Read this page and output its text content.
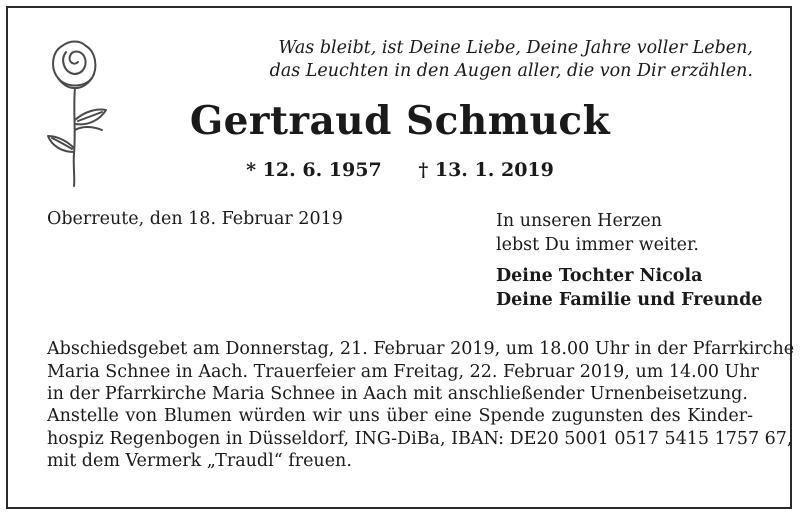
Was bleibt, ist Deine Liebe, Deine Jahre voller Leben,
das Leuchten in den Augen aller, die von Dir erzählen.
Gertraud Schmuck
* 12. 6. 1957 † 13. 1. 2019
Oberreute, den 18. Februar 2019	In unseren Herzen
lebst Du immer weiter.
Deine Tochter Nicola
Deine Familie und Freunde
Abschiedsgebet am Donnerstag, 21. Februar 2019, um 18.00 Uhr in der Pfarrkirche
Maria Schnee in Aach. Trauerfeier am Freitag, 22. Februar 2019, um 14.00 Uhr
in der Pfarrkirche Maria Schnee in Aach mit anschließender Urnenbeisetzung.
Anstelle von Blumen würden wir uns über eine Spende zugunsten des Kinder-
hospiz Regenbogen in Düsseldorf, ING-DiBa, IBAN: DE20 5001 0517 5415 1757 67,
mit dem Vermerk „Traudl“ freuen.
